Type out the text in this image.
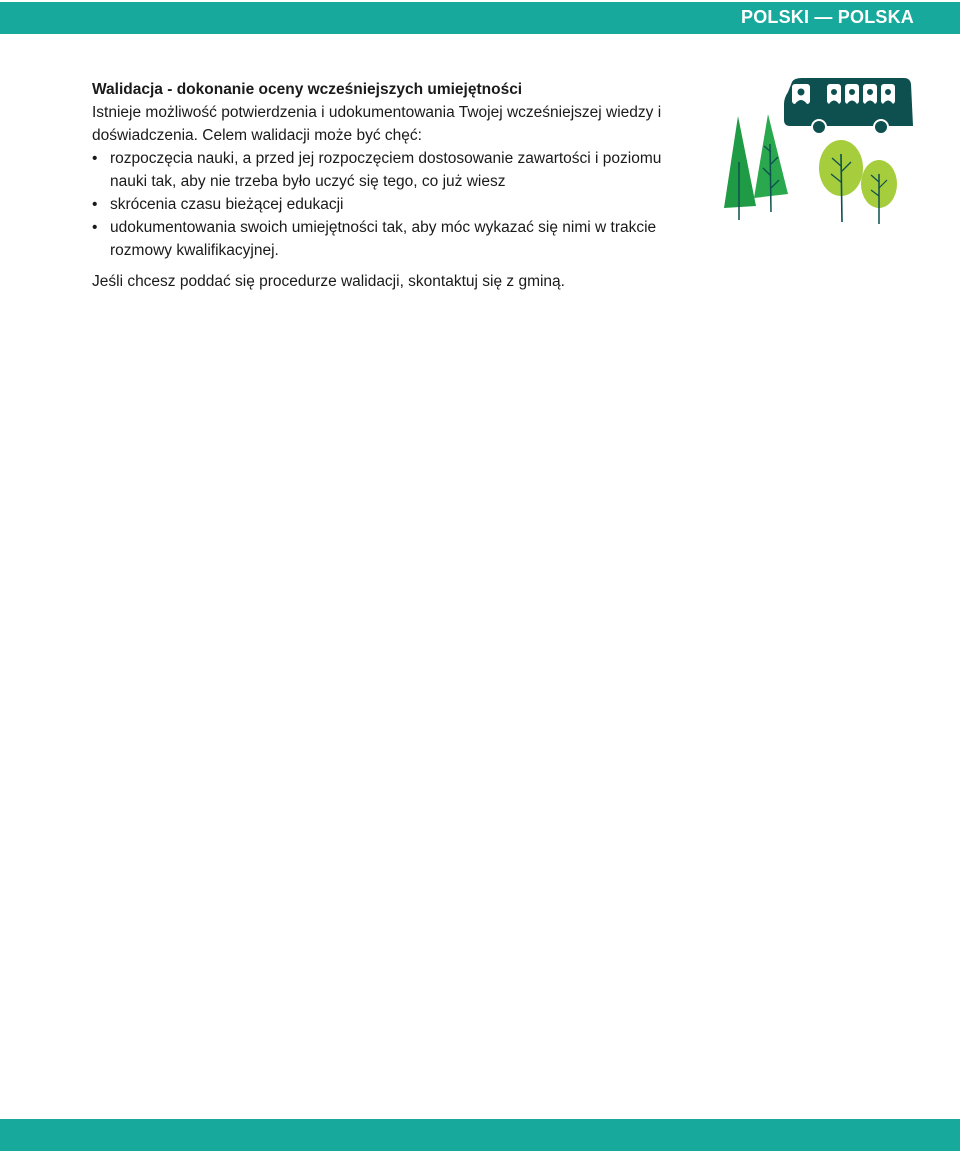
POLSKI — POLSKA

Walidacja - dokonanie oceny wcześniejszych umiejętności

Istnieje możliwość potwierdzenia i udokumentowania Twojej wcześniejszej wiedzy i doświadczenia. Celem walidacji może być chęć:

• rozpoczęcia nauki, a przed jej rozpoczęciem dostosowanie zawartości i poziomu nauki tak, aby nie trzeba było uczyć się tego, co już wiesz
• skrócenia czasu bieżącej edukacji
• udokumentowania swoich umiejętności tak, aby móc wykazać się nimi w trakcie rozmowy kwalifikacyjnej.

Jeśli chcesz poddać się procedurze walidacji, skontaktuj się z gminą.
